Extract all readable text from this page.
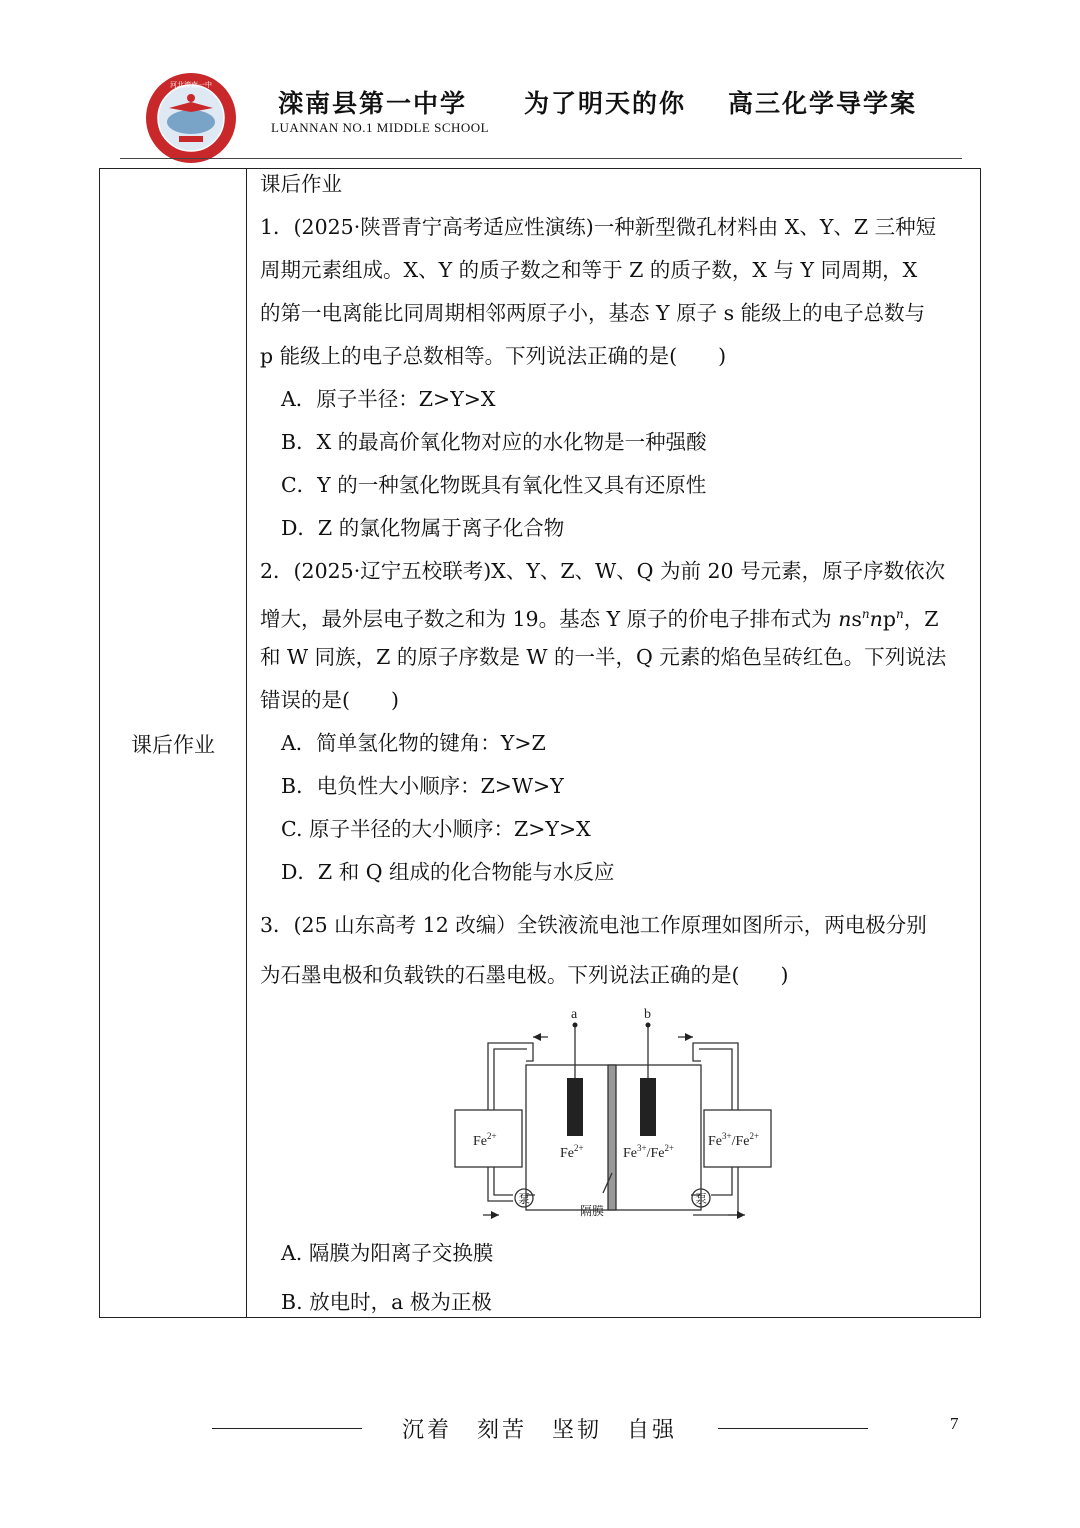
河北滦南一中
滦南县第一中学
LUANNAN NO.1 MIDDLE SCHOOL
为了明天的你 高三化学导学案
课后作业
课后作业
1．(2025·陕晋青宁高考适应性演练)一种新型微孔材料由 X、Y、Z 三种短
周期元素组成。X、Y 的质子数之和等于 Z 的质子数，X 与 Y 同周期，X
的第一电离能比同周期相邻两原子小，基态 Y 原子 s 能级上的电子总数与
p 能级上的电子总数相等。下列说法正确的是(　　)
A．原子半径：Z>Y>X
B．X 的最高价氧化物对应的水化物是一种强酸
C．Y 的一种氢化物既具有氧化性又具有还原性
D．Z 的氯化物属于离子化合物
2．(2025·辽宁五校联考)X、Y、Z、W、Q 为前 20 号元素，原子序数依次
增大，最外层电子数之和为 19。基态 Y 原子的价电子排布式为 $ns^nnp^n$，Z
和 W 同族，Z 的原子序数是 W 的一半，Q 元素的焰色呈砖红色。下列说法
错误的是(　　)
A．简单氢化物的键角：Y>Z
B．电负性大小顺序：Z>W>Y
C. 原子半径的大小顺序：Z>Y>X
D．Z 和 Q 组成的化合物能与水反应
3．(25 山东高考 12 改编）全铁液流电池工作原理如图所示，两电极分别
为石墨电极和负载铁的石墨电极。下列说法正确的是(　　)
A. 隔膜为阳离子交换膜
B. 放电时，a 极为正极
a	b
$Fe^{2+}$
$Fe^{2+}$	$Fe^{3+}/Fe^{2+}$ $Fe^{3+}/Fe^{2+}$
泵	泵
隔膜
沉着　刻苦　坚韧　自强	7
